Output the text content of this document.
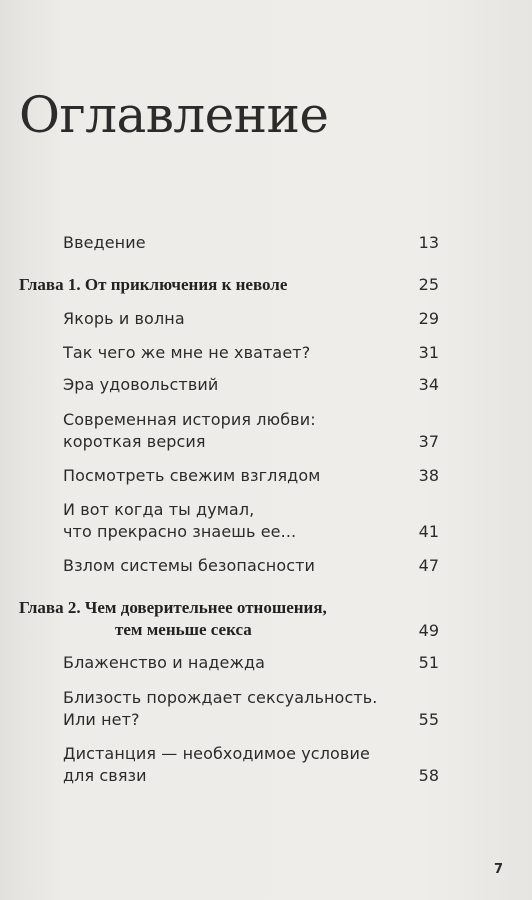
Оглавление
Введение	13
Глава 1. От приключения к неволе	25
Якорь и волна	29
Так чего же мне не хватает?	31
Эра удовольствий	34
Современная история любви:
короткая версия	37
Посмотреть свежим взглядом	38
И вот когда ты думал,
что прекрасно знаешь ее...	41
Взлом системы безопасности	47
Глава 2. Чем доверительнее отношения,
тем меньше секса	49
Блаженство и надежда	51
Близость порождает сексуальность.
Или нет?	55
Дистанция — необходимое условие
для связи	58
7
